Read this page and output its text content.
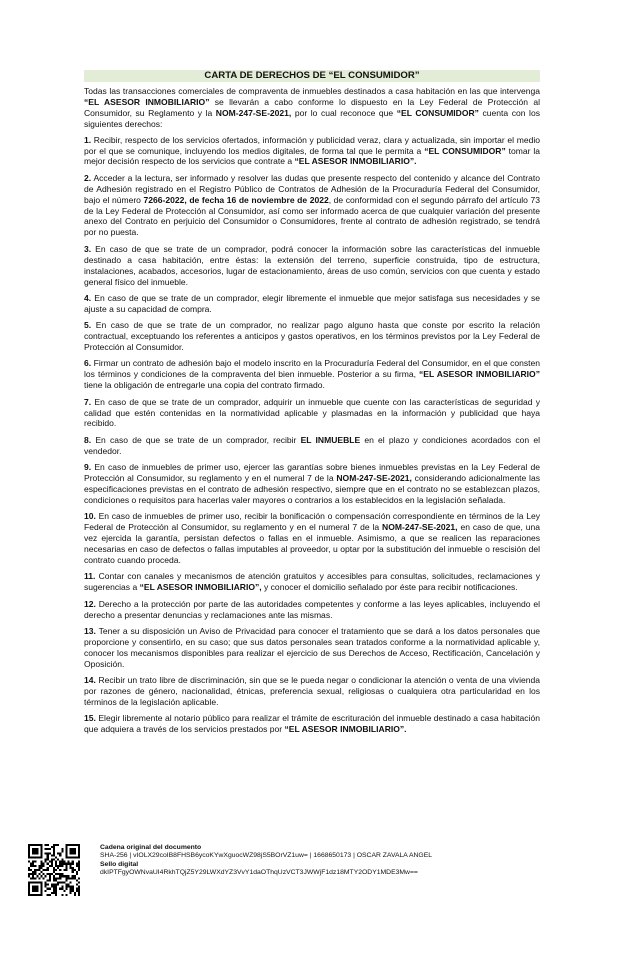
CARTA DE DERECHOS DE “EL CONSUMIDOR”

Todas las transacciones comerciales de compraventa de inmuebles destinados a casa habitación en las que intervenga “EL ASESOR INMOBILIARIO” se llevarán a cabo conforme lo dispuesto en la Ley Federal de Protección al Consumidor, su Reglamento y la NOM-247-SE-2021, por lo cual reconoce que “EL CONSUMIDOR” cuenta con los siguientes derechos:

1. Recibir, respecto de los servicios ofertados, información y publicidad veraz, clara y actualizada, sin importar el medio por el que se comunique, incluyendo los medios digitales, de forma tal que le permita a “EL CONSUMIDOR” tomar la mejor decisión respecto de los servicios que contrate a “EL ASESOR INMOBILIARIO”.

2. Acceder a la lectura, ser informado y resolver las dudas que presente respecto del contenido y alcance del Contrato de Adhesión registrado en el Registro Público de Contratos de Adhesión de la Procuraduría Federal del Consumidor, bajo el número 7266-2022, de fecha 16 de noviembre de 2022, de conformidad con el segundo párrafo del artículo 73 de la Ley Federal de Protección al Consumidor, así como ser informado acerca de que cualquier variación del presente anexo del Contrato en perjuicio del Consumidor o Consumidores, frente al contrato de adhesión registrado, se tendrá por no puesta.

3. En caso de que se trate de un comprador, podrá conocer la información sobre las características del inmueble destinado a casa habitación, entre éstas: la extensión del terreno, superficie construida, tipo de estructura, instalaciones, acabados, accesorios, lugar de estacionamiento, áreas de uso común, servicios con que cuenta y estado general físico del inmueble.

4. En caso de que se trate de un comprador, elegir libremente el inmueble que mejor satisfaga sus necesidades y se ajuste a su capacidad de compra.

5. En caso de que se trate de un comprador, no realizar pago alguno hasta que conste por escrito la relación contractual, exceptuando los referentes a anticipos y gastos operativos, en los términos previstos por la Ley Federal de Protección al Consumidor.

6. Firmar un contrato de adhesión bajo el modelo inscrito en la Procuraduría Federal del Consumidor, en el que consten los términos y condiciones de la compraventa del bien inmueble. Posterior a su firma, “EL ASESOR INMOBILIARIO” tiene la obligación de entregarle una copia del contrato firmado.

7. En caso de que se trate de un comprador, adquirir un inmueble que cuente con las características de seguridad y calidad que estén contenidas en la normatividad aplicable y plasmadas en la información y publicidad que haya recibido.

8. En caso de que se trate de un comprador, recibir EL INMUEBLE en el plazo y condiciones acordados con el vendedor.

9. En caso de inmuebles de primer uso, ejercer las garantías sobre bienes inmuebles previstas en la Ley Federal de Protección al Consumidor, su reglamento y en el numeral 7 de la NOM-247-SE-2021, considerando adicionalmente las especificaciones previstas en el contrato de adhesión respectivo, siempre que en el contrato no se establezcan plazos, condiciones o requisitos para hacerlas valer mayores o contrarios a los establecidos en la legislación señalada.

10. En caso de inmuebles de primer uso, recibir la bonificación o compensación correspondiente en términos de la Ley Federal de Protección al Consumidor, su reglamento y en el numeral 7 de la NOM-247-SE-2021, en caso de que, una vez ejercida la garantía, persistan defectos o fallas en el inmueble. Asimismo, a que se realicen las reparaciones necesarias en caso de defectos o fallas imputables al proveedor, u optar por la substitución del inmueble o rescisión del contrato cuando proceda.

11. Contar con canales y mecanismos de atención gratuitos y accesibles para consultas, solicitudes, reclamaciones y sugerencias a “EL ASESOR INMOBILIARIO”, y conocer el domicilio señalado por éste para recibir notificaciones.

12. Derecho a la protección por parte de las autoridades competentes y conforme a las leyes aplicables, incluyendo el derecho a presentar denuncias y reclamaciones ante las mismas.

13. Tener a su disposición un Aviso de Privacidad para conocer el tratamiento que se dará a los datos personales que proporcione y consentirlo, en su caso; que sus datos personales sean tratados conforme a la normatividad aplicable y, conocer los mecanismos disponibles para realizar el ejercicio de sus Derechos de Acceso, Rectificación, Cancelación y Oposición.

14. Recibir un trato libre de discriminación, sin que se le pueda negar o condicionar la atención o venta de una vivienda por razones de género, nacionalidad, étnicas, preferencia sexual, religiosas o cualquiera otra particularidad en los términos de la legislación aplicable.

15. Elegir libremente al notario público para realizar el trámite de escrituración del inmueble destinado a casa habitación que adquiera a través de los servicios prestados por “EL ASESOR INMOBILIARIO”.

Cadena original del documento
SHA-256 | vIOLX29coIB8FHSB6ycoKYwXguocWZ98jS5BOrVZ1uw= | 1668650173 | OSCAR ZAVALA ANGEL
Sello digital
dkIPTFgyOWNvaUI4RkhTQjZ5Y29LWXdYZ3VvY1daOThqUzVCT3JWWjF1dz18MTY2ODY1MDE3Mw==
